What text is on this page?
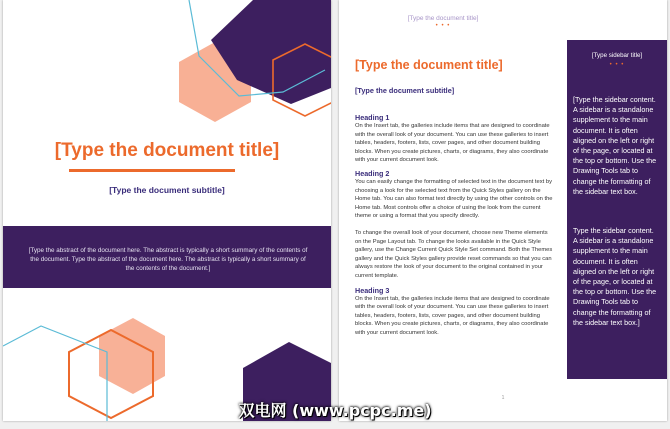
[Type the document title]
[Type the document subtitle]
[Type the abstract of the document here. The abstract is typically a short summary of the contents of the document. Type the abstract of the document here. The abstract is typically a short summary of the contents of the document.]
[Type the document title]
• • •
[Type the document title]
[Type the document subtitle]
Heading 1

On the Insert tab, the galleries include items that are designed to coordinate with the overall look of your document. You can use these galleries to insert tables, headers, footers, lists, cover pages, and other document building blocks. When you create pictures, charts, or diagrams, they also coordinate with your current document look.

Heading 2

You can easily change the formatting of selected text in the document text by choosing a look for the selected text from the Quick Styles gallery on the Home tab. You can also format text directly by using the other controls on the Home tab. Most controls offer a choice of using the look from the current theme or using a format that you specify directly.

To change the overall look of your document, choose new Theme elements on the Page Layout tab. To change the looks available in the Quick Style gallery, use the Change Current Quick Style Set command. Both the Themes gallery and the Quick Styles gallery provide reset commands so that you can always restore the look of your document to the original contained in your current template.

Heading 3

On the Insert tab, the galleries include items that are designed to coordinate with the overall look of your document. You can use these galleries to insert tables, headers, footers, lists, cover pages, and other document building blocks. When you create pictures, charts, or diagrams, they also coordinate with your current document look.

[Type sidebar title]
• • •
[Type the sidebar content. A sidebar is a standalone supplement to the main document. It is often aligned on the left or right of the page, or located at the top or bottom. Use the Drawing Tools tab to change the formatting of the sidebar text box.
Type the sidebar content. A sidebar is a standalone supplement to the main document. It is often aligned on the left or right of the page, or located at the top or bottom. Use the Drawing Tools tab to change the formatting of the sidebar text box.]
1
双电网 (www.pcpc.me)
